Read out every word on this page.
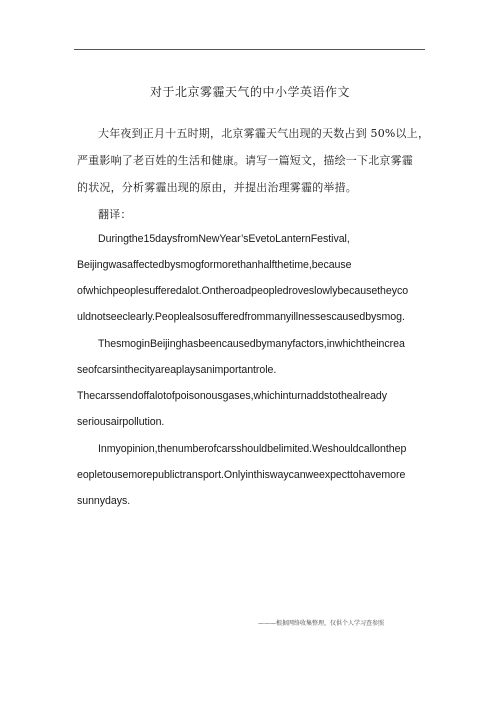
对于北京雾霾天气的中小学英语作文
大年夜到正月十五时期，北京雾霾天气出现的天数占到 50%以上，
严重影响了老百姓的生活和健康。请写一篇短文，描绘一下北京雾霾
的状况，分析雾霾出现的原由，并提出治理雾霾的举措。
翻译：
Duringthe15daysfromNewYear’sEvetoLanternFestival,
Beijingwasaffectedbysmogformorethanhalfthetime,because
ofwhichpeoplesufferedalot.Ontheroadpeopledroveslowlybecausetheyco
uldnotseeclearly.Peoplealsosufferedfrommanyillnessescausedbysmog.
ThesmoginBeijinghasbeencausedbymanyfactors,inwhichtheincrea
seofcarsinthecityareaplaysanimportantrole.
Thecarssendoffalotofpoisonousgases,whichinturnaddstothealready
seriousairpollution.
Inmyopinion,thenumberofcarsshouldbelimited.Weshouldcallonthep
eopletousemorepublictransport.Onlyinthiswaycanweexpecttohavemore
sunnydays.
———根据网络收集整理，仅供个人学习查参照
